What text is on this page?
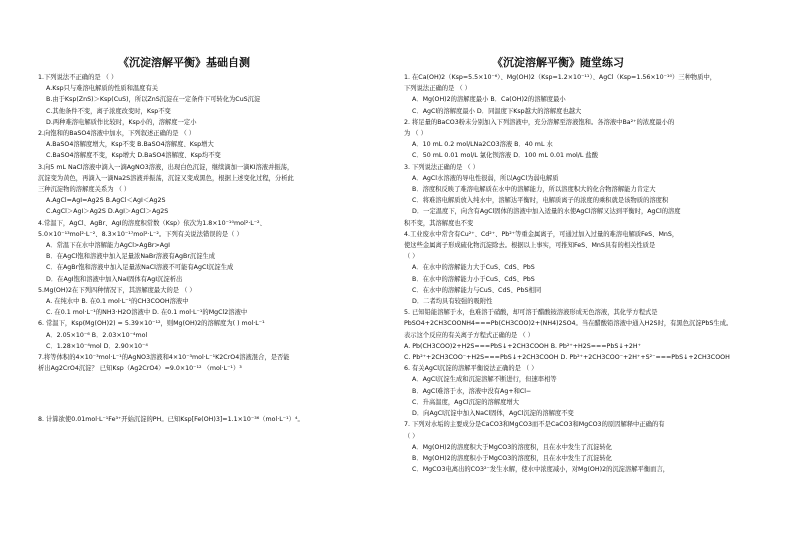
《沉淀溶解平衡》基础自测	《沉淀溶解平衡》随堂练习
1.下列说法不正确的是 （ ）
A.Ksp只与难溶电解质的性质和温度有关
B.由于Ksp(ZnS)＞Ksp(CuS)，所以ZnS沉淀在一定条件下可转化为CuS沉淀
C.其他条件不变，离子浓度改变时，Ksp不变
D.两种难溶电解质作比较时，Ksp小的，溶解度一定小
2.向饱和的BaSO4溶液中加水，下列叙述正确的是 （ ）
A.BaSO4溶解度增大，Ksp不变 B.BaSO4溶解度、Ksp增大
C.BaSO4溶解度不变，Ksp增大 D.BaSO4溶解度、Ksp均不变
3.向5 mL NaCl溶液中滴入一滴AgNO3溶液，出现白色沉淀，继续滴加一滴KI溶液并振荡，
沉淀变为黄色，再滴入一滴Na2S溶液并振荡，沉淀又变成黑色，根据上述变化过程，分析此
三种沉淀物的溶解度关系为 （ ）
A.AgCl=AgI=Ag2S B.AgCl＜AgI＜Ag2S
C.AgCl＞AgI＞Ag2S D.AgI＞AgCl＞Ag2S
4.常温下，AgCl、AgBr、AgI的溶度积常数（Ksp）依次为1.8×10⁻¹⁰mol²·L⁻²、
5.0×10⁻¹³mol²·L⁻²、8.3×10⁻¹⁷mol²·L⁻²。下列有关说法错误的是（ ）
A．常温下在水中溶解能力AgCl>AgBr>AgI
B．在AgCl饱和溶液中加入足量浓NaBr溶液有AgBr沉淀生成
C．在AgBr饱和溶液中加入足量浓NaCl溶液不可能有AgCl沉淀生成
D．在AgI饱和溶液中加入NaI固体有AgI沉淀析出
5.Mg(OH)2在下列四种情况下，其溶解度最大的是 （ ）
A. 在纯水中 B. 在0.1 mol·L⁻¹的CH3COOH溶液中
C. 在0.1 mol·L⁻¹的NH3·H2O溶液中 D. 在0.1 mol·L⁻¹的MgCl2溶液中
6. 常温下，Ksp(Mg(OH)2) = 5.39×10⁻¹²，则Mg(OH)2的溶解度为( ) mol·L⁻¹
A．2.05×10⁻⁶ B．2.03×10⁻⁴mol
C．1.28×10⁻⁴mol D．2.90×10⁻⁴
7.将等体积的4×10⁻³mol·L⁻¹的AgNO3溶液和4×10⁻³mol·L⁻¹K2CrO4溶液混合，是否能
析出Ag2CrO4沉淀？ 已知Ksp（Ag2CrO4）=9.0×10⁻¹² （mol·L⁻¹）³
8. 计算欲使0.01mol·L⁻¹Fe³⁺开始沉淀的PH。已知Ksp[Fe(OH)3]=1.1×10⁻³⁶（mol·L⁻¹）⁴。
1. 在Ca(OH)2（Ksp=5.5×10⁻⁶）、Mg(OH)2（Ksp=1.2×10⁻¹¹）、AgCl（Ksp=1.56×10⁻¹⁰）三种物质中，
下列说法正确的是 （ ）
A．Mg(OH)2的溶解度最小 B．Ca(OH)2的溶解度最小
C．AgCl的溶解度最小 D．同温度下Ksp越大的溶解度也越大
2. 将足量的BaCO3粉末分别加入下列溶液中，充分溶解至溶液饱和。各溶液中Ba²⁺的浓度最小的
为 （ ）
A．10 mL 0.2 mol/LNa2CO3溶液 B．40 mL 水
C．50 mL 0.01 mol/L 氯化钡溶液 D．100 mL 0.01 mol/L 盐酸
3. 下列说法正确的是 （ ）
A．AgCl水溶液的导电性很弱，所以AgCl为弱电解质
B．溶度积反映了难溶电解质在水中的溶解能力，所以溶度积大的化合物溶解能力肯定大
C．将难溶电解质放入纯水中，溶解达平衡时，电解质离子的浓度的乘积就是该物质的溶度积
D．一定温度下，向含有AgCl固体的溶液中加入适量的水使AgCl溶解又达到平衡时，AgCl的溶度
积不变，其溶解度也不变
4.工业废水中常含有Cu²⁺、Cd²⁺、Pb²⁺等重金属离子，可通过加入过量的难溶电解质FeS、MnS，
使这些金属离子形成硫化物沉淀除去。根据以上事实，可推知FeS、MnS具有的相关性质是
（ ）
A．在水中的溶解能力大于CuS、CdS、PbS
B．在水中的溶解能力小于CuS、CdS、PbS
C．在水中的溶解能力与CuS、CdS、PbS相同
D．二者均具有较强的吸附性
5. 已知铅能溶解于水，也难溶于硝酸，却可溶于醋酸铵溶液形成无色溶液，其化学方程式是
PbSO4+2CH3COONH4===Pb(CH3COO)2+(NH4)2SO4。当在醋酸铅溶液中通入H2S时，有黑色沉淀PbS生成。
表示这个反应的有关离子方程式正确的是 （ ）
A. Pb(CH3COO)2+H2S===PbS↓+2CH3COOH B. Pb²⁺+H2S===PbS↓+2H⁺
C. Pb²⁺+2CH3COO⁻+H2S===PbS↓+2CH3COOH D. Pb²⁺+2CH3COO⁻+2H⁺+S²⁻===PbS↓+2CH3COOH
6. 有关AgCl沉淀的溶解平衡说法正确的是 （ ）
A．AgCl沉淀生成和沉淀溶解不断进行，但速率相等
B．AgCl难溶于水，溶液中没有Ag+和Cl−
C．升高温度，AgCl沉淀的溶解度增大
D．向AgCl沉淀中加入NaCl固体，AgCl沉淀的溶解度不变
7. 下列对水垢的主要成分是CaCO3和MgCO3而不是CaCO3和MgCO3的原因解释中正确的有
（ ）
A．Mg(OH)2的溶度积大于MgCO3的溶度积，且在水中发生了沉淀转化
B．Mg(OH)2的溶度积小于MgCO3的溶度积，且在水中发生了沉淀转化
C．MgCO3电离出的CO3²⁻发生水解，使水中浓度减小，对Mg(OH)2的沉淀溶解平衡而言，
